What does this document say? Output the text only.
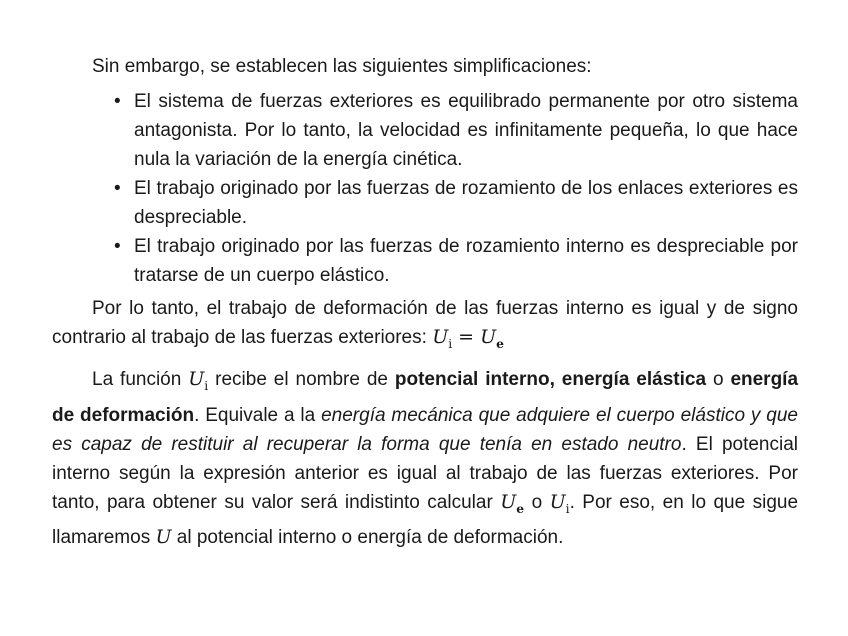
Sin embargo, se establecen las siguientes simplificaciones:

• El sistema de fuerzas exteriores es equilibrado permanente por otro sistema antagonista. Por lo tanto, la velocidad es infinitamente pequeña, lo que hace nula la variación de la energía cinética.
• El trabajo originado por las fuerzas de rozamiento de los enlaces exteriores es despreciable.
• El trabajo originado por las fuerzas de rozamiento interno es despreciable por tratarse de un cuerpo elástico.

Por lo tanto, el trabajo de deformación de las fuerzas interno es igual y de signo contrario al trabajo de las fuerzas exteriores: $U_i = U_e$

La función $U_i$ recibe el nombre de potencial interno, energía elástica o energía de deformación. Equivale a la energía mecánica que adquiere el cuerpo elástico y que es capaz de restituir al recuperar la forma que tenía en estado neutro. El potencial interno según la expresión anterior es igual al trabajo de las fuerzas exteriores. Por tanto, para obtener su valor será indistinto calcular $U_e$ o $U_i$. Por eso, en lo que sigue llamaremos U al potencial interno o energía de deformación.
